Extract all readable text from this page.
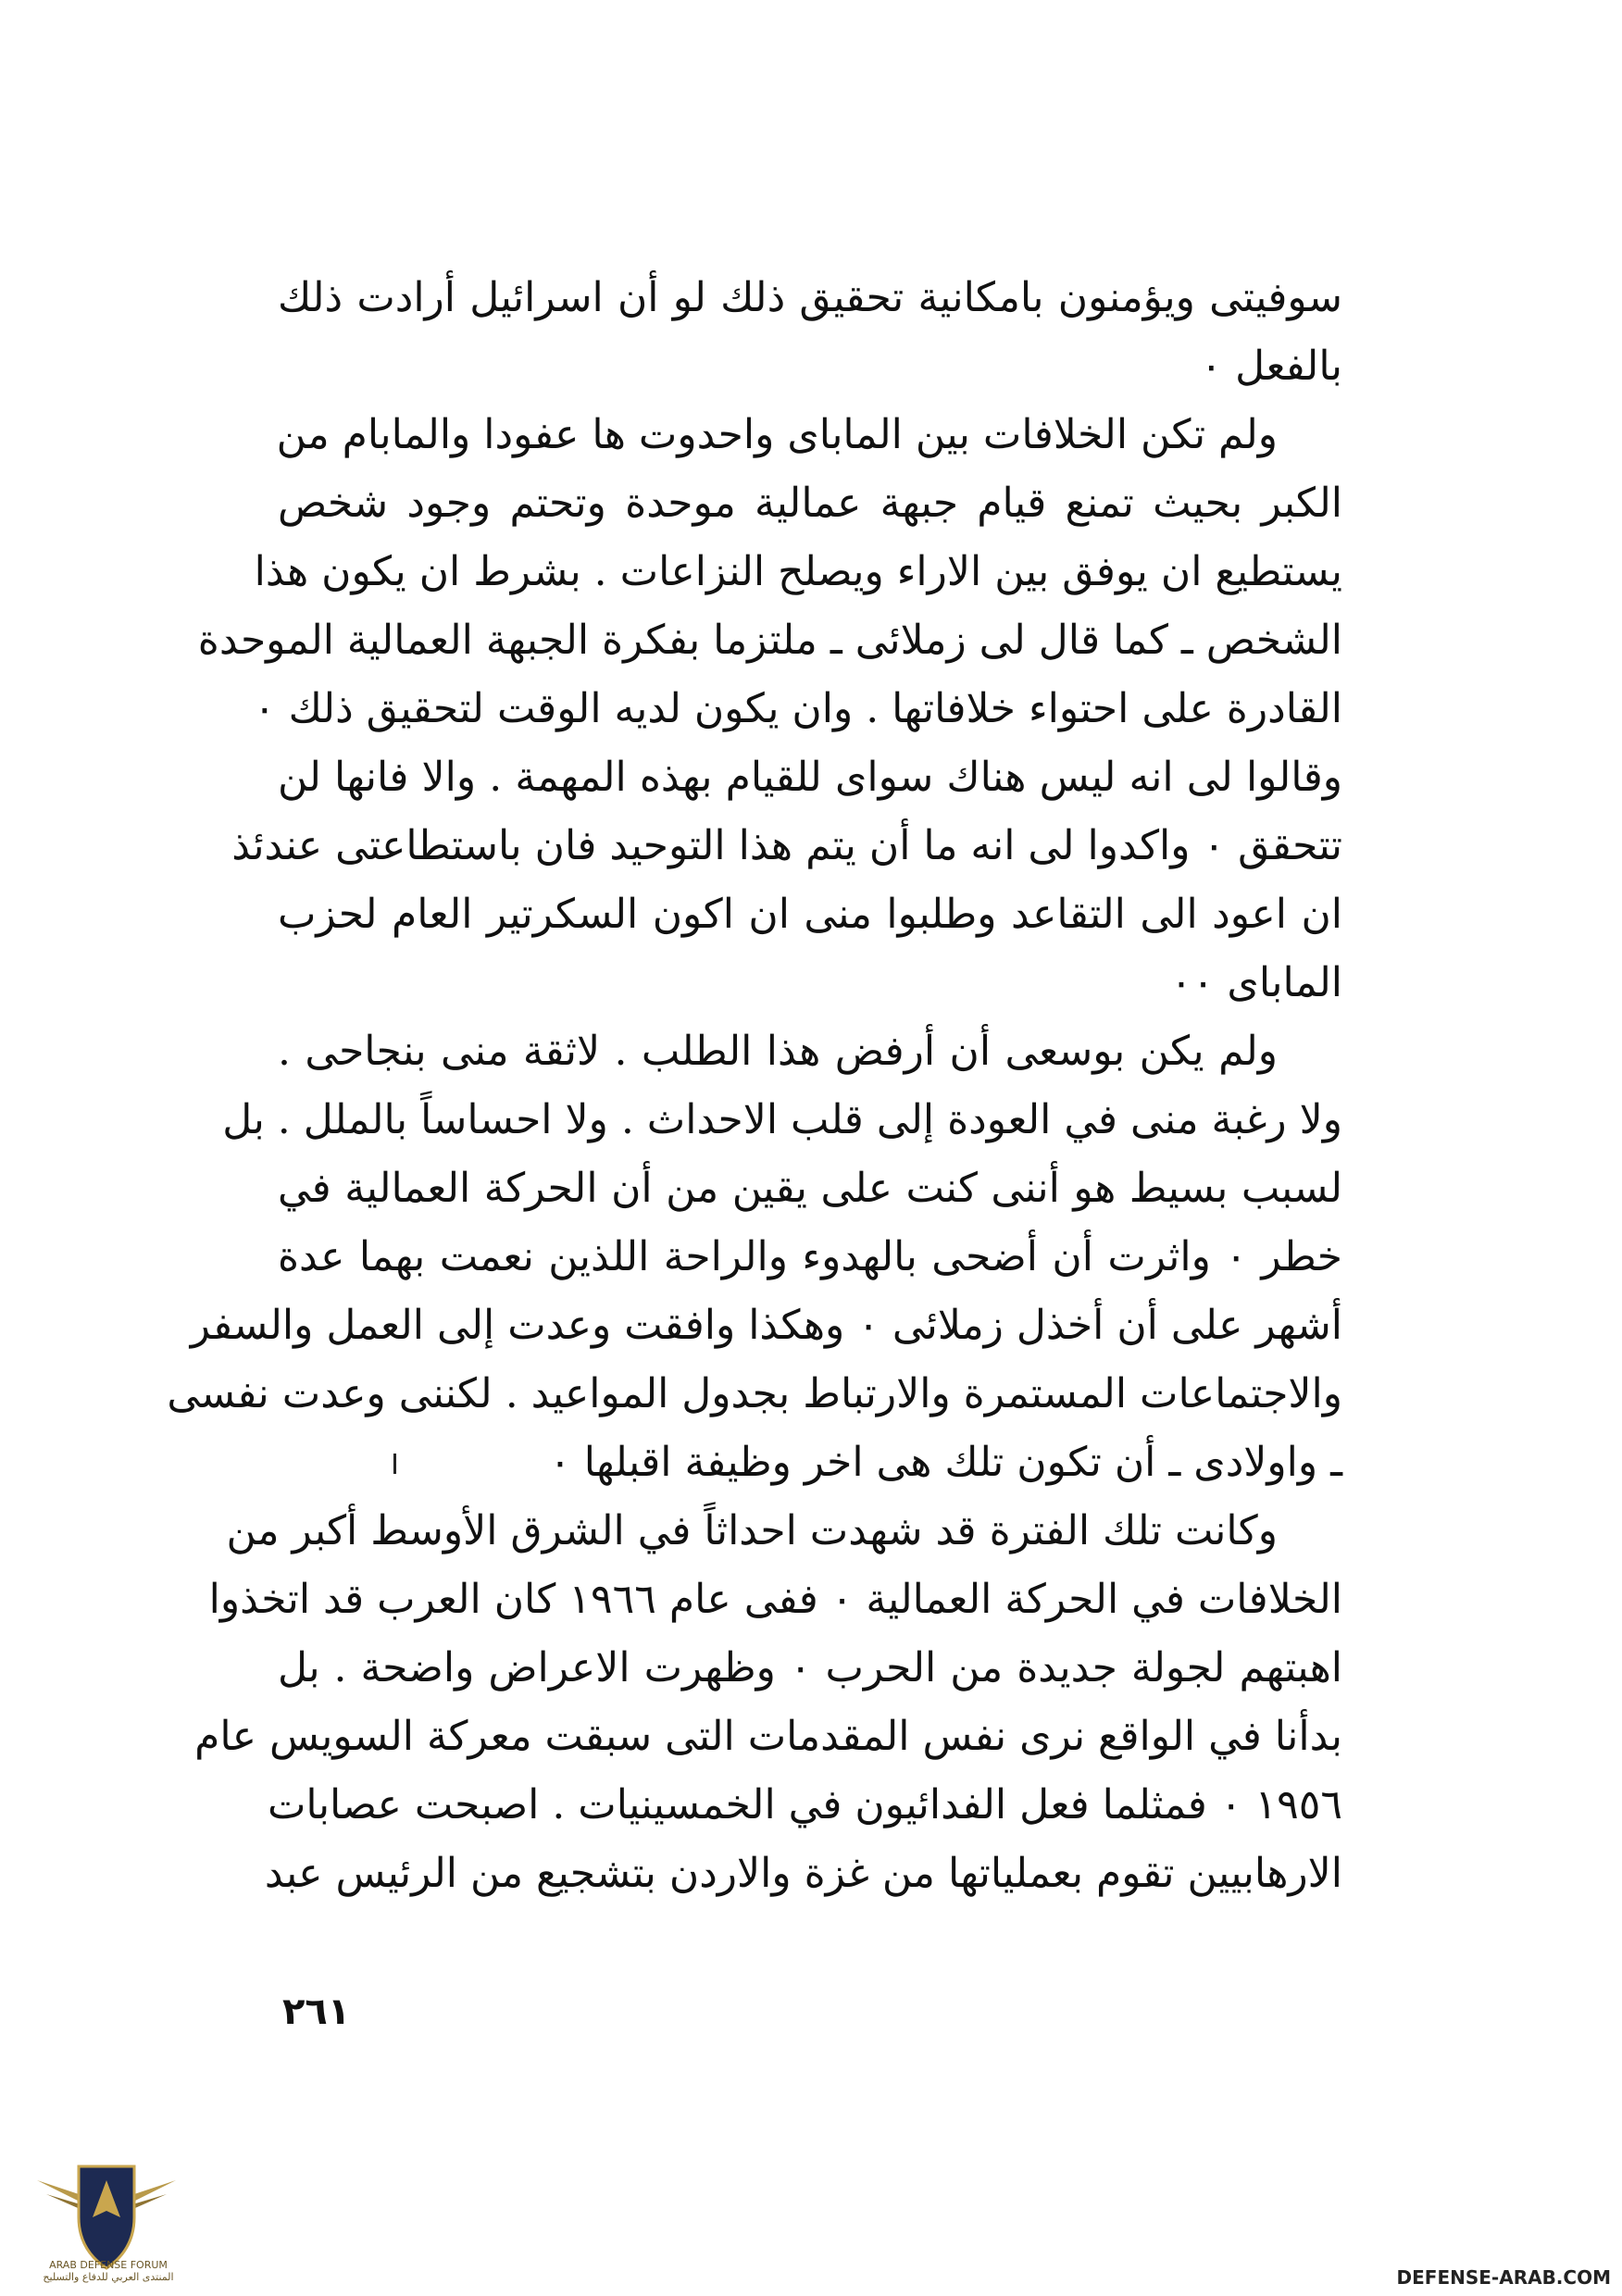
سوفيتى ويؤمنون بامكانية تحقيق ذلك لو أن اسرائيل أرادت ذلك
بالفعل ٠
ولم تكن الخلافات بين الماباى واحدوت ها عفودا والمابام من
الكبر بحيث تمنع قيام جبهة عمالية موحدة وتحتم وجود شخص
يستطيع ان يوفق بين الاراء ويصلح النزاعات . بشرط ان يكون هذا
الشخص ـ كما قال لى زملائى ـ ملتزما بفكرة الجبهة العمالية الموحدة
القادرة على احتواء خلافاتها . وان يكون لديه الوقت لتحقيق ذلك ٠
وقالوا لى انه ليس هناك سواى للقيام بهذه المهمة . والا فانها لن
تتحقق ٠ واكدوا لى انه ما أن يتم هذا التوحيد فان باستطاعتى عندئذ
ان اعود الى التقاعد وطلبوا منى ان اكون السكرتير العام لحزب
الماباى ٠٠
ولم يكن بوسعى أن أرفض هذا الطلب . لاثقة منى بنجاحى .
ولا رغبة منى في العودة إلى قلب الاحداث . ولا احساساً بالملل . بل
لسبب بسيط هو أننى كنت على يقين من أن الحركة العمالية في
خطر ٠ واثرت أن أضحى بالهدوء والراحة اللذين نعمت بهما عدة
أشهر على أن أخذل زملائى ٠ وهكذا وافقت وعدت إلى العمل والسفر
والاجتماعات المستمرة والارتباط بجدول المواعيد . لكننى وعدت نفسى
ـ واولادى ـ أن تكون تلك هى اخر وظيفة اقبلها ٠
وكانت تلك الفترة قد شهدت احداثاً في الشرق الأوسط أكبر من
الخلافات في الحركة العمالية ٠ ففى عام ١٩٦٦ كان العرب قد اتخذوا
اهبتهم لجولة جديدة من الحرب ٠ وظهرت الاعراض واضحة . بل
بدأنا في الواقع نرى نفس المقدمات التى سبقت معركة السويس عام
١٩٥٦ ٠ فمثلما فعل الفدائيون في الخمسينيات . اصبحت عصابات
الارهابيين تقوم بعملياتها من غزة والاردن بتشجيع من الرئيس عبد
٢٦١
ARAB DEFENSE FORUM
المنتدى العربي للدفاع والتسليح	DEFENSE-ARAB.COM
